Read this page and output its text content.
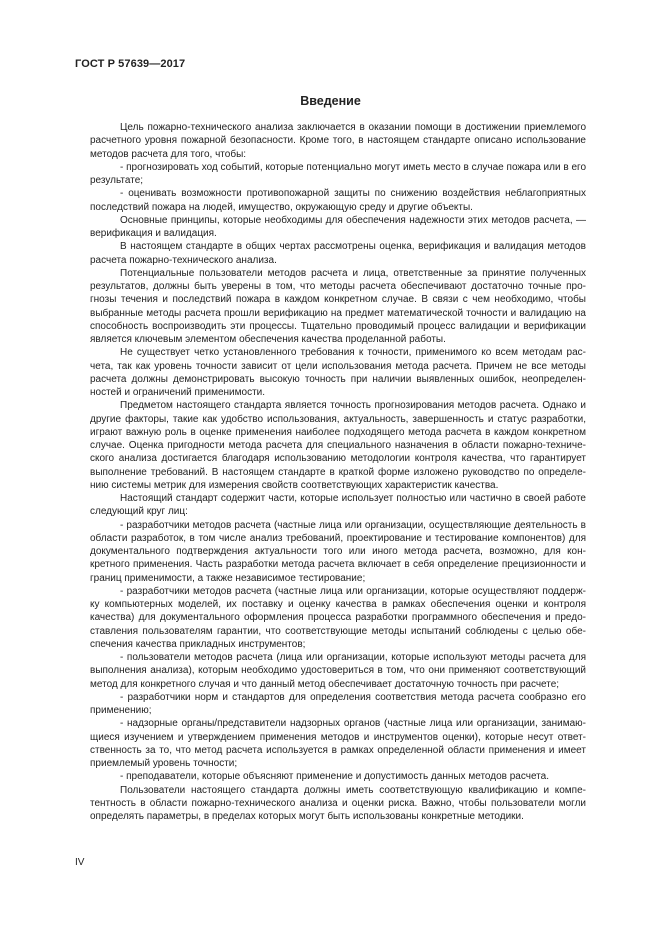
ГОСТ Р 57639—2017
Введение

Цель пожарно-технического анализа заключается в оказании помощи в достижении приемлемого расчетного уровня пожарной безопасности. Кроме того, в настоящем стандарте описано использование методов расчета для того, чтобы:

- прогнозировать ход событий, которые потенциально могут иметь место в случае пожара или в его результате;

- оценивать возможности противопожарной защиты по снижению воздействия неблагоприятных последствий пожара на людей, имущество, окружающую среду и другие объекты.

Основные принципы, которые необходимы для обеспечения надежности этих методов расчета, — верификация и валидация.

В настоящем стандарте в общих чертах рассмотрены оценка, верификация и валидация методов расчета пожарно-технического анализа.

Потенциальные пользователи методов расчета и лица, ответственные за принятие полученных результатов, должны быть уверены в том, что методы расчета обеспечивают достаточно точные прогнозы течения и последствий пожара в каждом конкретном случае. В связи с чем необходимо, чтобы выбранные методы расчета прошли верификацию на предмет математической точности и валидацию на способность воспроизводить эти процессы. Тщательно проводимый процесс валидации и верификации является ключевым элементом обеспечения качества проделанной работы.

Не существует четко установленного требования к точности, применимого ко всем методам расчета, так как уровень точности зависит от цели использования метода расчета. Причем не все методы расчета должны демонстрировать высокую точность при наличии выявленных ошибок, неопределенностей и ограничений применимости.

Предметом настоящего стандарта является точность прогнозирования методов расчета. Однако и другие факторы, такие как удобство использования, актуальность, завершенность и статус разработки, играют важную роль в оценке применения наиболее подходящего метода расчета в каждом конкретном случае. Оценка пригодности метода расчета для специального назначения в области пожарно-технического анализа достигается благодаря использованию методологии контроля качества, что гарантирует выполнение требований. В настоящем стандарте в краткой форме изложено руководство по определению системы метрик для измерения свойств соответствующих характеристик качества.

Настоящий стандарт содержит части, которые использует полностью или частично в своей работе следующий круг лиц:

- разработчики методов расчета (частные лица или организации, осуществляющие деятельность в области разработок, в том числе анализ требований, проектирование и тестирование компонентов) для документального подтверждения актуальности того или иного метода расчета, возможно, для конкретного применения. Часть разработки метода расчета включает в себя определение прецизионности и границ применимости, а также независимое тестирование;

- разработчики методов расчета (частные лица или организации, которые осуществляют поддержку компьютерных моделей, их поставку и оценку качества в рамках обеспечения оценки и контроля качества) для документального оформления процесса разработки программного обеспечения и предоставления пользователям гарантии, что соответствующие методы испытаний соблюдены с целью обеспечения качества прикладных инструментов;

- пользователи методов расчета (лица или организации, которые используют методы расчета для выполнения анализа), которым необходимо удостовериться в том, что они применяют соответствующий метод для конкретного случая и что данный метод обеспечивает достаточную точность при расчете;

- разработчики норм и стандартов для определения соответствия метода расчета сообразно его применению;

- надзорные органы/представители надзорных органов (частные лица или организации, занимающиеся изучением и утверждением применения методов и инструментов оценки), которые несут ответственность за то, что метод расчета используется в рамках определенной области применения и имеет приемлемый уровень точности;

- преподаватели, которые объясняют применение и допустимость данных методов расчета.

Пользователи настоящего стандарта должны иметь соответствующую квалификацию и компетентность в области пожарно-технического анализа и оценки риска. Важно, чтобы пользователи могли определять параметры, в пределах которых могут быть использованы конкретные методики.

IV
